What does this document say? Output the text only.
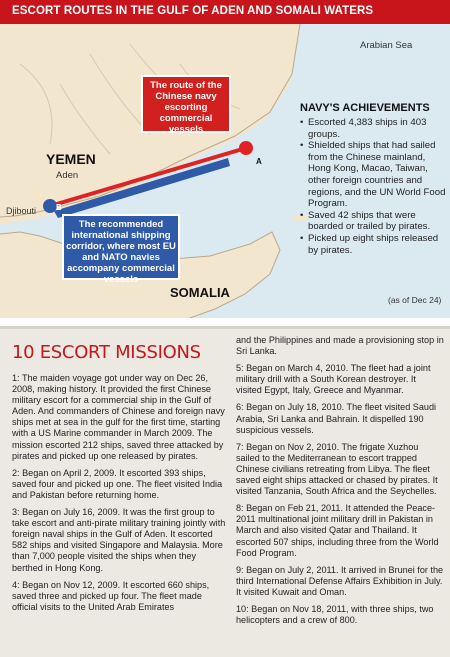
ESCORT ROUTES IN THE GULF OF ADEN AND SOMALI WATERS
Arabian Sea
YEMEN
Aden
Djibouti
SOMALIA
A
B
The route of the Chinese navy escorting commercial vessels
The recommended international shipping corridor, where most EU and NATO navies accompany commercial vessels
NAVY'S ACHIEVEMENTS
• Escorted 4,383 ships in 403 groups.
• Shielded ships that had sailed from the Chinese mainland, Hong Kong, Macao, Taiwan, other foreign countries and regions, and the UN World Food Program.
• Saved 42 ships that were boarded or trailed by pirates.
• Picked up eight ships released by pirates.
(as of Dec 24)
10 ESCORT MISSIONS

1: The maiden voyage got under way on Dec 26, 2008, making history. It provided the first Chinese military escort for a commercial ship in the Gulf of Aden. And commanders of Chinese and foreign navy ships met at sea in the gulf for the first time, starting with a US Marine commander in March 2009. The mission escorted 212 ships, saved three attacked by pirates and picked up one released by pirates.

2: Began on April 2, 2009. It escorted 393 ships, saved four and picked up one. The fleet visited India and Pakistan before returning home.

3: Began on July 16, 2009. It was the first group to take escort and anti-pirate military training jointly with foreign naval ships in the Gulf of Aden. It escorted 582 ships and visited Singapore and Malaysia. More than 7,000 people visited the ships when they berthed in Hong Kong.

4: Began on Nov 12, 2009. It escorted 660 ships, saved three and picked up four. The fleet made official visits to the United Arab Emirates

and the Philippines and made a provisioning stop in Sri Lanka.

5: Began on March 4, 2010. The fleet had a joint military drill with a South Korean destroyer. It visited Egypt, Italy, Greece and Myanmar.

6: Began on July 18, 2010. The fleet visited Saudi Arabia, Sri Lanka and Bahrain. It dispelled 190 suspicious vessels.

7: Began on Nov 2, 2010. The frigate Xuzhou sailed to the Mediterranean to escort trapped Chinese civilians retreating from Libya. The fleet saved eight ships attacked or chased by pirates. It visited Tanzania, South Africa and the Seychelles.

8: Began on Feb 21, 2011. It attended the Peace-2011 multinational joint military drill in Pakistan in March and also visited Qatar and Thailand. It escorted 507 ships, including three from the World Food Program.

9: Began on July 2, 2011. It arrived in Brunei for the third International Defense Affairs Exhibition in July. It visited Kuwait and Oman.

10: Began on Nov 18, 2011, with three ships, two helicopters and a crew of 800.
